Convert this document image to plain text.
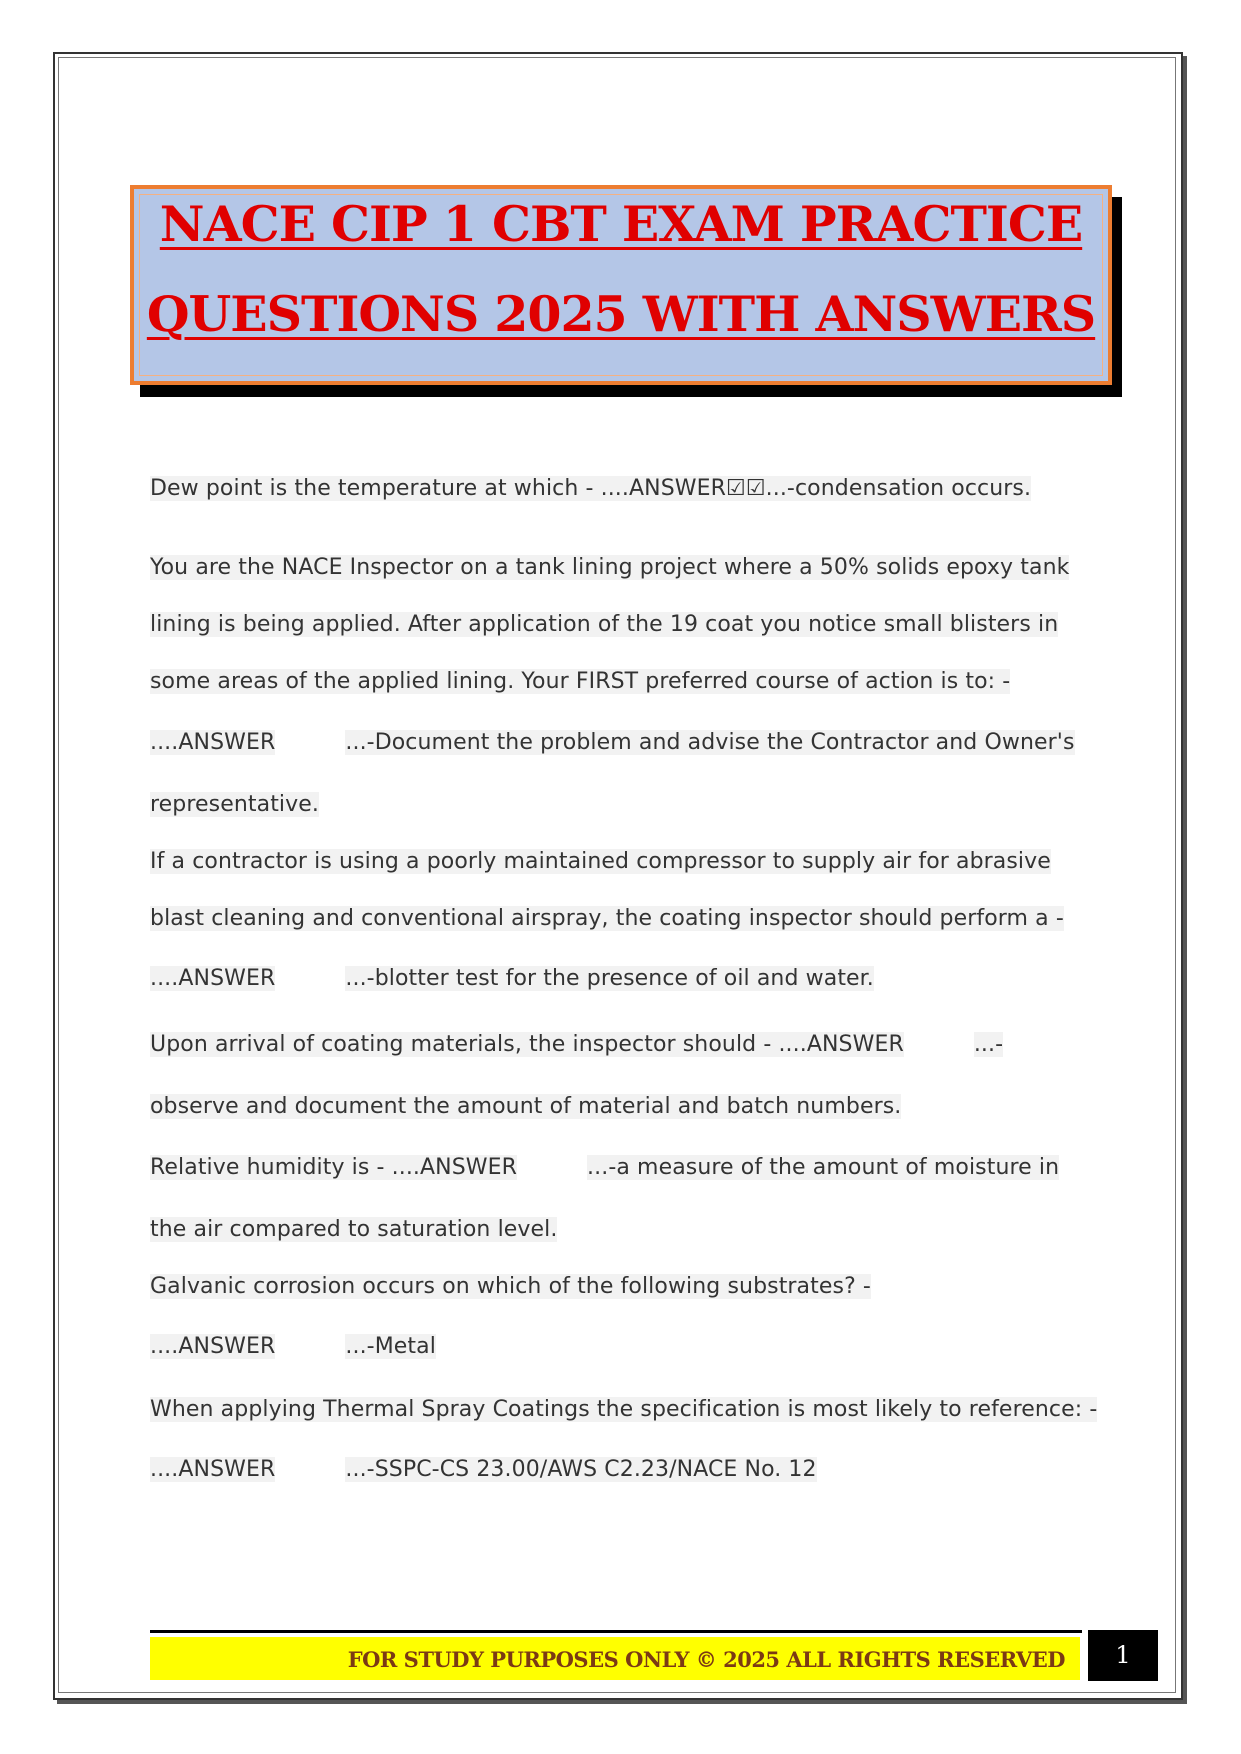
NACE CIP 1 CBT EXAM PRACTICE
QUESTIONS 2025 WITH ANSWERS
Dew point is the temperature at which - ....ANSWER☑☑...-condensation occurs.
You are the NACE Inspector on a tank lining project where a 50% solids epoxy tank
lining is being applied. After application of the 19 coat you notice small blisters in
some areas of the applied lining. Your FIRST preferred course of action is to: -
....ANSWER	...-Document the problem and advise the Contractor and Owner's
representative.
If a contractor is using a poorly maintained compressor to supply air for abrasive
blast cleaning and conventional airspray, the coating inspector should perform a -
....ANSWER	...-blotter test for the presence of oil and water.
Upon arrival of coating materials, the inspector should - ....ANSWER	...-
observe and document the amount of material and batch numbers.
Relative humidity is - ....ANSWER	...-a measure of the amount of moisture in
the air compared to saturation level.
Galvanic corrosion occurs on which of the following substrates? -
....ANSWER	...-Metal
When applying Thermal Spray Coatings the specification is most likely to reference: -
....ANSWER	...-SSPC-CS 23.00/AWS C2.23/NACE No. 12
FOR STUDY PURPOSES ONLY © 2025 ALL RIGHTS RESERVED	1
